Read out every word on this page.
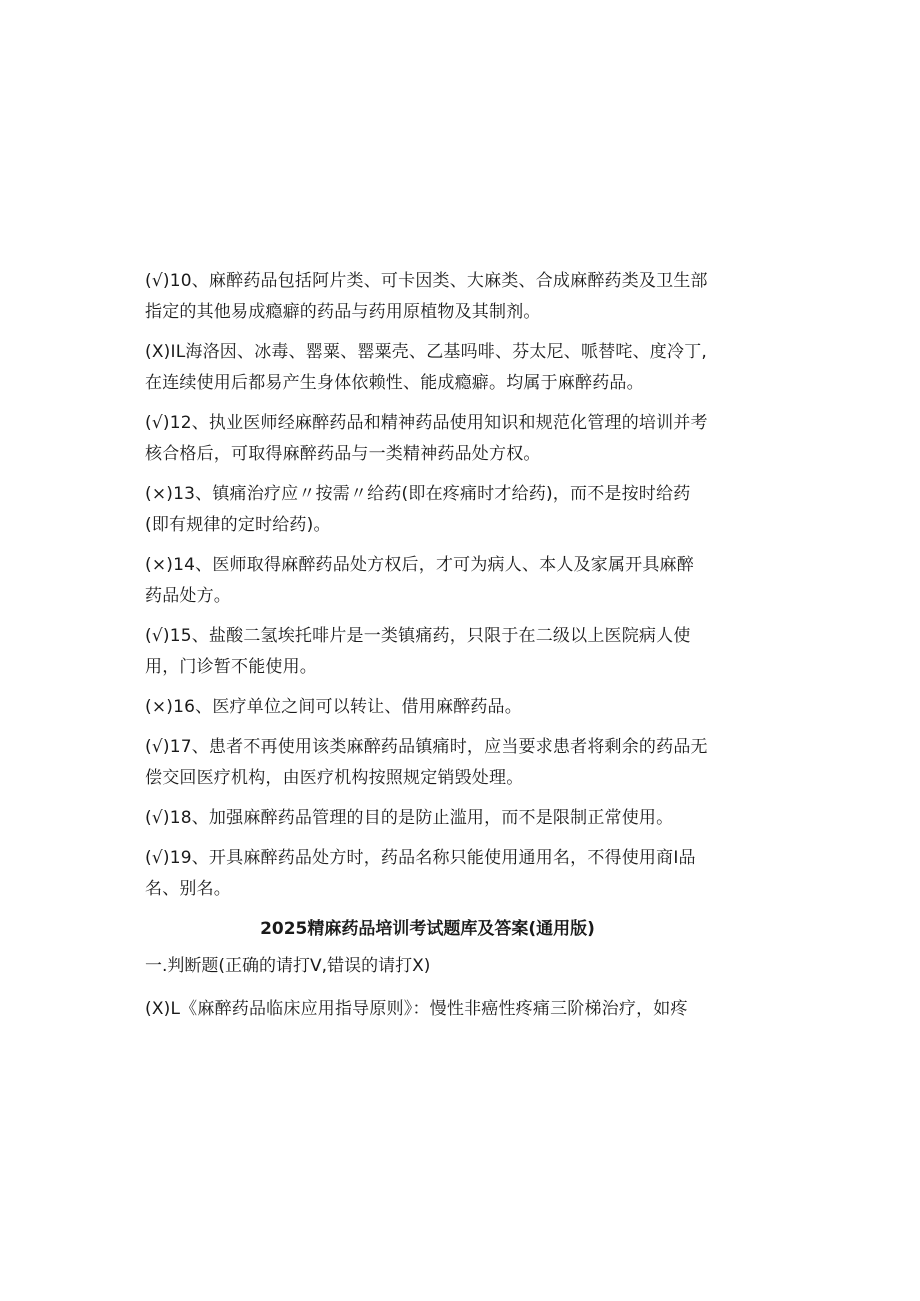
(√)10、麻醉药品包括阿片类、可卡因类、大麻类、合成麻醉药类及卫生部指定的其他易成瘾癖的药品与药用原植物及其制剂。

(X)IL海洛因、冰毒、罂粟、罂粟壳、乙基吗啡、芬太尼、哌替咤、度冷丁,在连续使用后都易产生身体依赖性、能成瘾癖。均属于麻醉药品。

(√)12、执业医师经麻醉药品和精神药品使用知识和规范化管理的培训并考核合格后，可取得麻醉药品与一类精神药品处方权。

(×)13、镇痛治疗应〃按需〃给药(即在疼痛时才给药)，而不是按时给药(即有规律的定时给药)。

(×)14、医师取得麻醉药品处方权后，才可为病人、本人及家属开具麻醉药品处方。

(√)15、盐酸二氢埃托啡片是一类镇痛药，只限于在二级以上医院病人使用，门诊暂不能使用。

(×)16、医疗单位之间可以转让、借用麻醉药品。

(√)17、患者不再使用该类麻醉药品镇痛时，应当要求患者将剩余的药品无偿交回医疗机构，由医疗机构按照规定销毁处理。

(√)18、加强麻醉药品管理的目的是防止滥用，而不是限制正常使用。

(√)19、开具麻醉药品处方时，药品名称只能使用通用名，不得使用商I品名、别名。

2025精麻药品培训考试题库及答案(通用版)

一.判断题(正确的请打V,错误的请打X)

(X)L《麻醉药品临床应用指导原则》：慢性非癌性疼痛三阶梯治疗，如疼
